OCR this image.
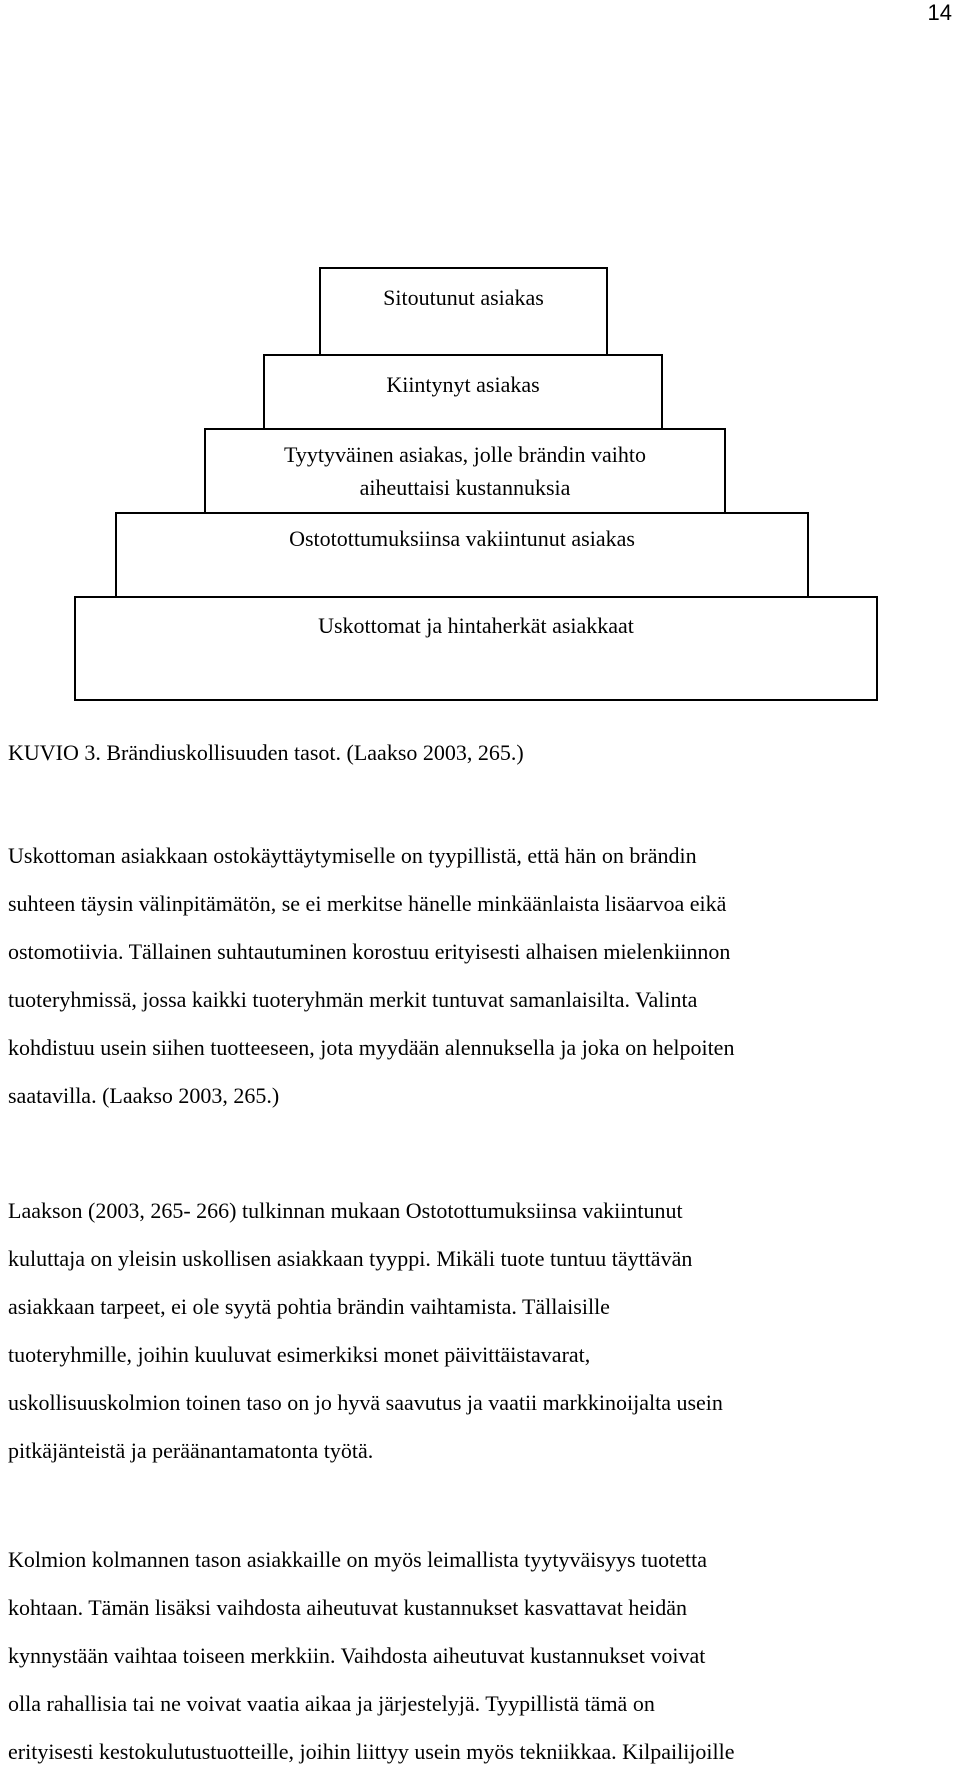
14
Sitoutunut asiakas
Kiintynyt asiakas
Tyytyväinen asiakas, jolle brändin vaihto
aiheuttaisi kustannuksia
Ostotottumuksiinsa vakiintunut asiakas
Uskottomat ja hintaherkät asiakkaat
KUVIO 3. Brändiuskollisuuden tasot. (Laakso 2003, 265.)
Uskottoman asiakkaan ostokäyttäytymiselle on tyypillistä, että hän on brändin
suhteen täysin välinpitämätön, se ei merkitse hänelle minkäänlaista lisäarvoa eikä
ostomotiivia. Tällainen suhtautuminen korostuu erityisesti alhaisen mielenkiinnon
tuoteryhmissä, jossa kaikki tuoteryhmän merkit tuntuvat samanlaisilta. Valinta
kohdistuu usein siihen tuotteeseen, jota myydään alennuksella ja joka on helpoiten
saatavilla. (Laakso 2003, 265.)
Laakson (2003, 265- 266) tulkinnan mukaan Ostotottumuksiinsa vakiintunut
kuluttaja on yleisin uskollisen asiakkaan tyyppi. Mikäli tuote tuntuu täyttävän
asiakkaan tarpeet, ei ole syytä pohtia brändin vaihtamista. Tällaisille
tuoteryhmille, joihin kuuluvat esimerkiksi monet päivittäistavarat,
uskollisuuskolmion toinen taso on jo hyvä saavutus ja vaatii markkinoijalta usein
pitkäjänteistä ja peräänantamatonta työtä.
Kolmion kolmannen tason asiakkaille on myös leimallista tyytyväisyys tuotetta
kohtaan. Tämän lisäksi vaihdosta aiheutuvat kustannukset kasvattavat heidän
kynnystään vaihtaa toiseen merkkiin. Vaihdosta aiheutuvat kustannukset voivat
olla rahallisia tai ne voivat vaatia aikaa ja järjestelyjä. Tyypillistä tämä on
erityisesti kestokulutustuotteille, joihin liittyy usein myös tekniikkaa. Kilpailijoille
